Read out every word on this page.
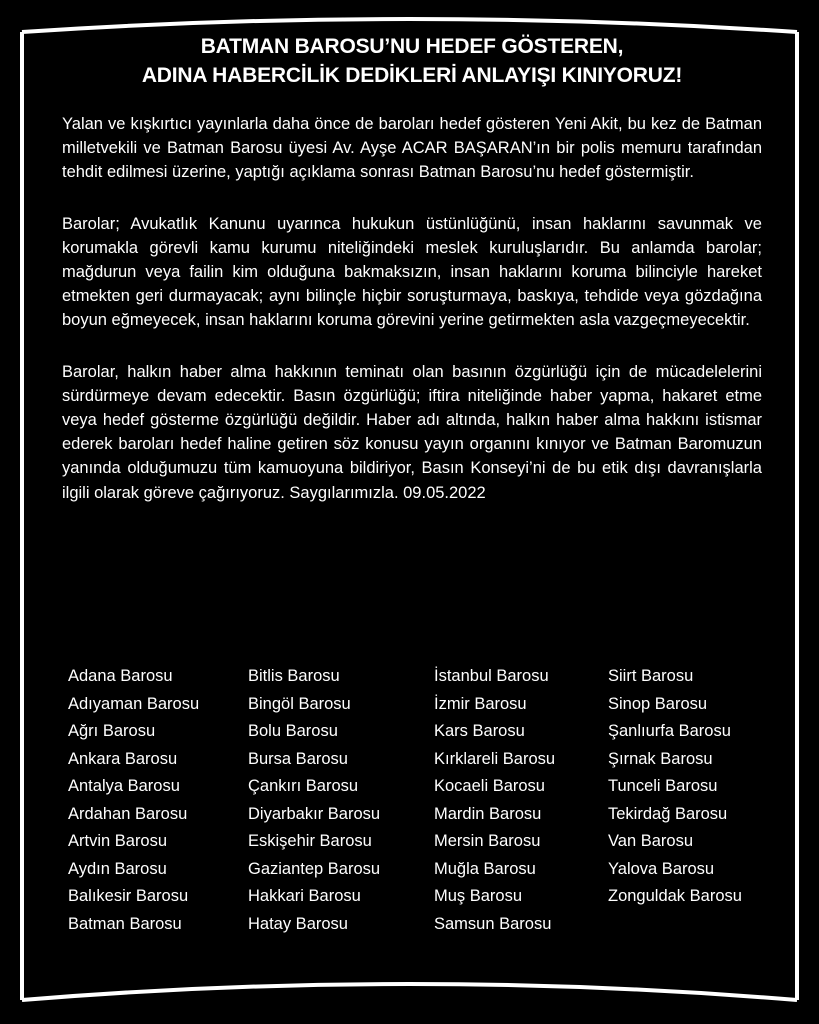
BATMAN BAROSU’NU HEDEF GÖSTEREN,
ADINA HABERCİLİK DEDİKLERİ ANLAYIŞI KINIYORUZ!

Yalan ve kışkırtıcı yayınlarla daha önce de baroları hedef gösteren Yeni Akit, bu kez de Batman milletvekili ve Batman Barosu üyesi Av. Ayşe ACAR BAŞARAN’ın bir polis memuru tarafından tehdit edilmesi üzerine, yaptığı açıklama sonrası Batman Barosu’nu hedef göstermiştir.

Barolar; Avukatlık Kanunu uyarınca hukukun üstünlüğünü, insan haklarını savunmak ve korumakla görevli kamu kurumu niteliğindeki meslek kuruluşlarıdır. Bu anlamda barolar; mağdurun veya failin kim olduğuna bakmaksızın, insan haklarını koruma bilinciyle hareket etmekten geri durmayacak; aynı bilinçle hiçbir soruşturmaya, baskıya, tehdide veya gözdağına boyun eğmeyecek, insan haklarını koruma görevini yerine getirmekten asla vazgeçmeyecektir.

Barolar, halkın haber alma hakkının teminatı olan basının özgürlüğü için de mücadelelerini sürdürmeye devam edecektir. Basın özgürlüğü; iftira niteliğinde haber yapma, hakaret etme veya hedef gösterme özgürlüğü değildir. Haber adı altında, halkın haber alma hakkını istismar ederek baroları hedef haline getiren söz konusu yayın organını kınıyor ve Batman Baromuzun yanında olduğumuzu tüm kamuoyuna bildiriyor, Basın Konseyi’ni de bu etik dışı davranışlarla ilgili olarak göreve çağırıyoruz. Saygılarımızla. 09.05.2022

Adana Barosu
Adıyaman Barosu
Ağrı Barosu
Ankara Barosu
Antalya Barosu
Ardahan Barosu
Artvin Barosu
Aydın Barosu
Balıkesir Barosu
Batman Barosu
Bitlis Barosu
Bingöl Barosu
Bolu Barosu
Bursa Barosu
Çankırı Barosu
Diyarbakır Barosu
Eskişehir Barosu
Gaziantep Barosu
Hakkari Barosu
Hatay Barosu
İstanbul Barosu
İzmir Barosu
Kars Barosu
Kırklareli Barosu
Kocaeli Barosu
Mardin Barosu
Mersin Barosu
Muğla Barosu
Muş Barosu
Samsun Barosu
Siirt Barosu
Sinop Barosu
Şanlıurfa Barosu
Şırnak Barosu
Tunceli Barosu
Tekirdağ Barosu
Van Barosu
Yalova Barosu
Zonguldak Barosu
